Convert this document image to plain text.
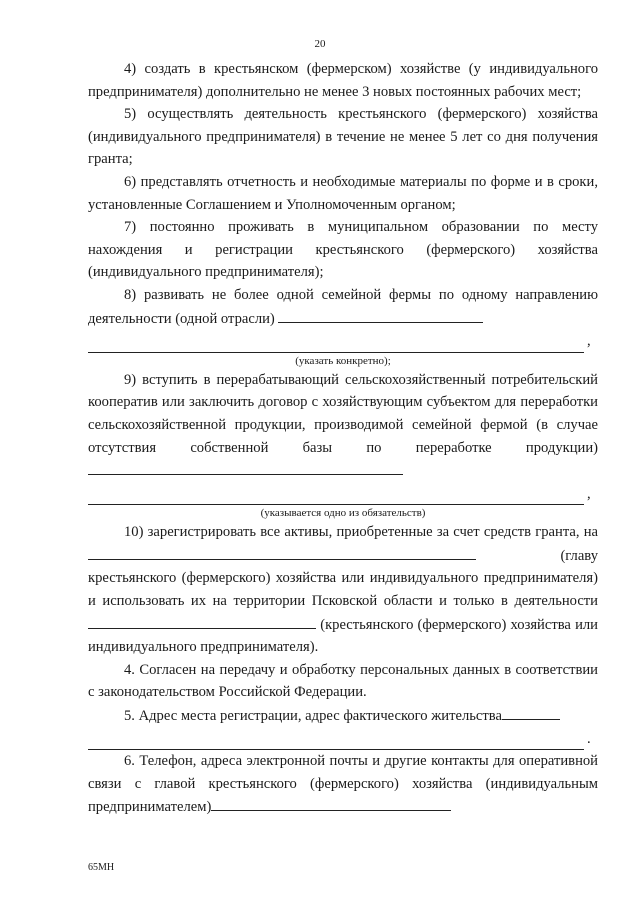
20

4) создать в крестьянском (фермерском) хозяйстве (у индивидуального предпринимателя) дополнительно не менее 3 новых постоянных рабочих мест;

5) осуществлять деятельность крестьянского (фермерского) хозяйства (индивидуального предпринимателя) в течение не менее 5 лет со дня получения гранта;

6) представлять отчетность и необходимые материалы по форме и в сроки, установленные Соглашением и Уполномоченным органом;

7) постоянно проживать в муниципальном образовании по месту нахождения и регистрации крестьянского (фермерского) хозяйства (индивидуального предпринимателя);

8) развивать не более одной семейной фермы по одному направлению деятельности (одной отрасли)

,

(указать конкретно);

9) вступить в перерабатывающий сельскохозяйственный потребительский кооператив или заключить договор с хозяйствующим субъектом для переработки сельскохозяйственной продукции, производимой семейной фермой (в случае отсутствия собственной базы по переработке продукции)

,

(указывается одно из обязательств)

10) зарегистрировать все активы, приобретенные за счет средств гранта, на  (главу крестьянского (фермерского) хозяйства или индивидуального предпринимателя) и использовать их на территории Псковской области и только в деятельности  (крестьянского (фермерского) хозяйства или индивидуального предпринимателя).

4. Согласен на передачу и обработку персональных данных в соответствии с законодательством Российской Федерации.

5. Адрес места регистрации, адрес фактического жительства

.

6. Телефон, адреса электронной почты и другие контакты для оперативной связи с главой крестьянского (фермерского) хозяйства (индивидуальным предпринимателем)

65МН
